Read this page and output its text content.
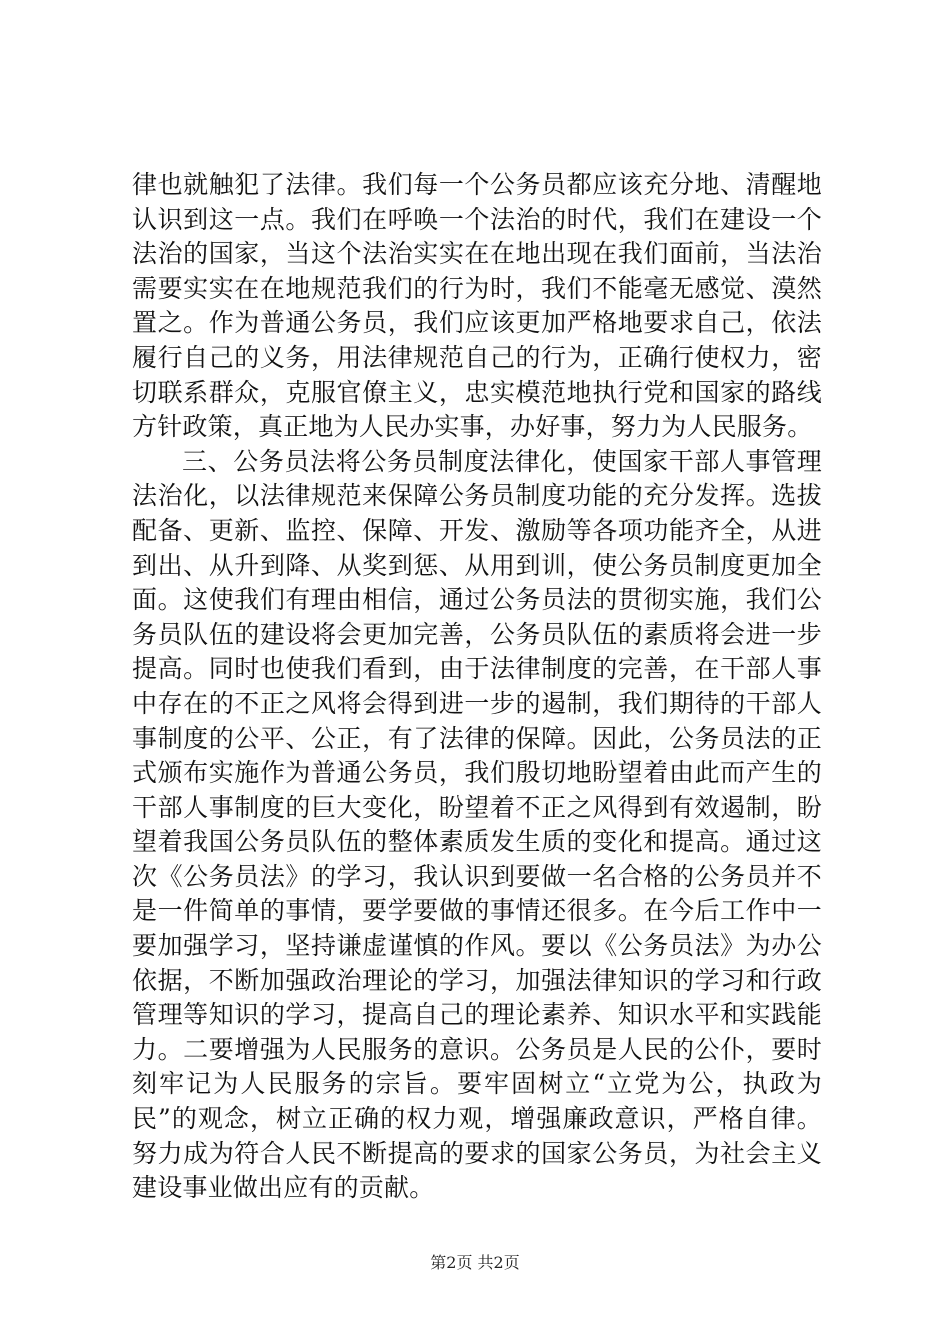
律也就触犯了法律。我们每一个公务员都应该充分地、清醒地认识到这一点。我们在呼唤一个法治的时代，我们在建设一个法治的国家，当这个法治实实在在地出现在我们面前，当法治需要实实在在地规范我们的行为时，我们不能毫无感觉、漠然置之。作为普通公务员，我们应该更加严格地要求自己，依法履行自己的义务，用法律规范自己的行为，正确行使权力，密切联系群众，克服官僚主义，忠实模范地执行党和国家的路线方针政策，真正地为人民办实事，办好事，努力为人民服务。

三、公务员法将公务员制度法律化，使国家干部人事管理法治化，以法律规范来保障公务员制度功能的充分发挥。选拔配备、更新、监控、保障、开发、激励等各项功能齐全，从进到出、从升到降、从奖到惩、从用到训，使公务员制度更加全面。这使我们有理由相信，通过公务员法的贯彻实施，我们公务员队伍的建设将会更加完善，公务员队伍的素质将会进一步提高。同时也使我们看到，由于法律制度的完善，在干部人事中存在的不正之风将会得到进一步的遏制，我们期待的干部人事制度的公平、公正，有了法律的保障。因此，公务员法的正式颁布实施作为普通公务员，我们殷切地盼望着由此而产生的干部人事制度的巨大变化，盼望着不正之风得到有效遏制，盼望着我国公务员队伍的整体素质发生质的变化和提高。通过这次《公务员法》的学习，我认识到要做一名合格的公务员并不是一件简单的事情，要学要做的事情还很多。在今后工作中一要加强学习，坚持谦虚谨慎的作风。要以《公务员法》为办公依据，不断加强政治理论的学习，加强法律知识的学习和行政管理等知识的学习，提高自己的理论素养、知识水平和实践能力。二要增强为人民服务的意识。公务员是人民的公仆，要时刻牢记为人民服务的宗旨。要牢固树立“立党为公，执政为民”的观念，树立正确的权力观，增强廉政意识，严格自律。努力成为符合人民不断提高的要求的国家公务员，为社会主义建设事业做出应有的贡献。

第2页 共2页
